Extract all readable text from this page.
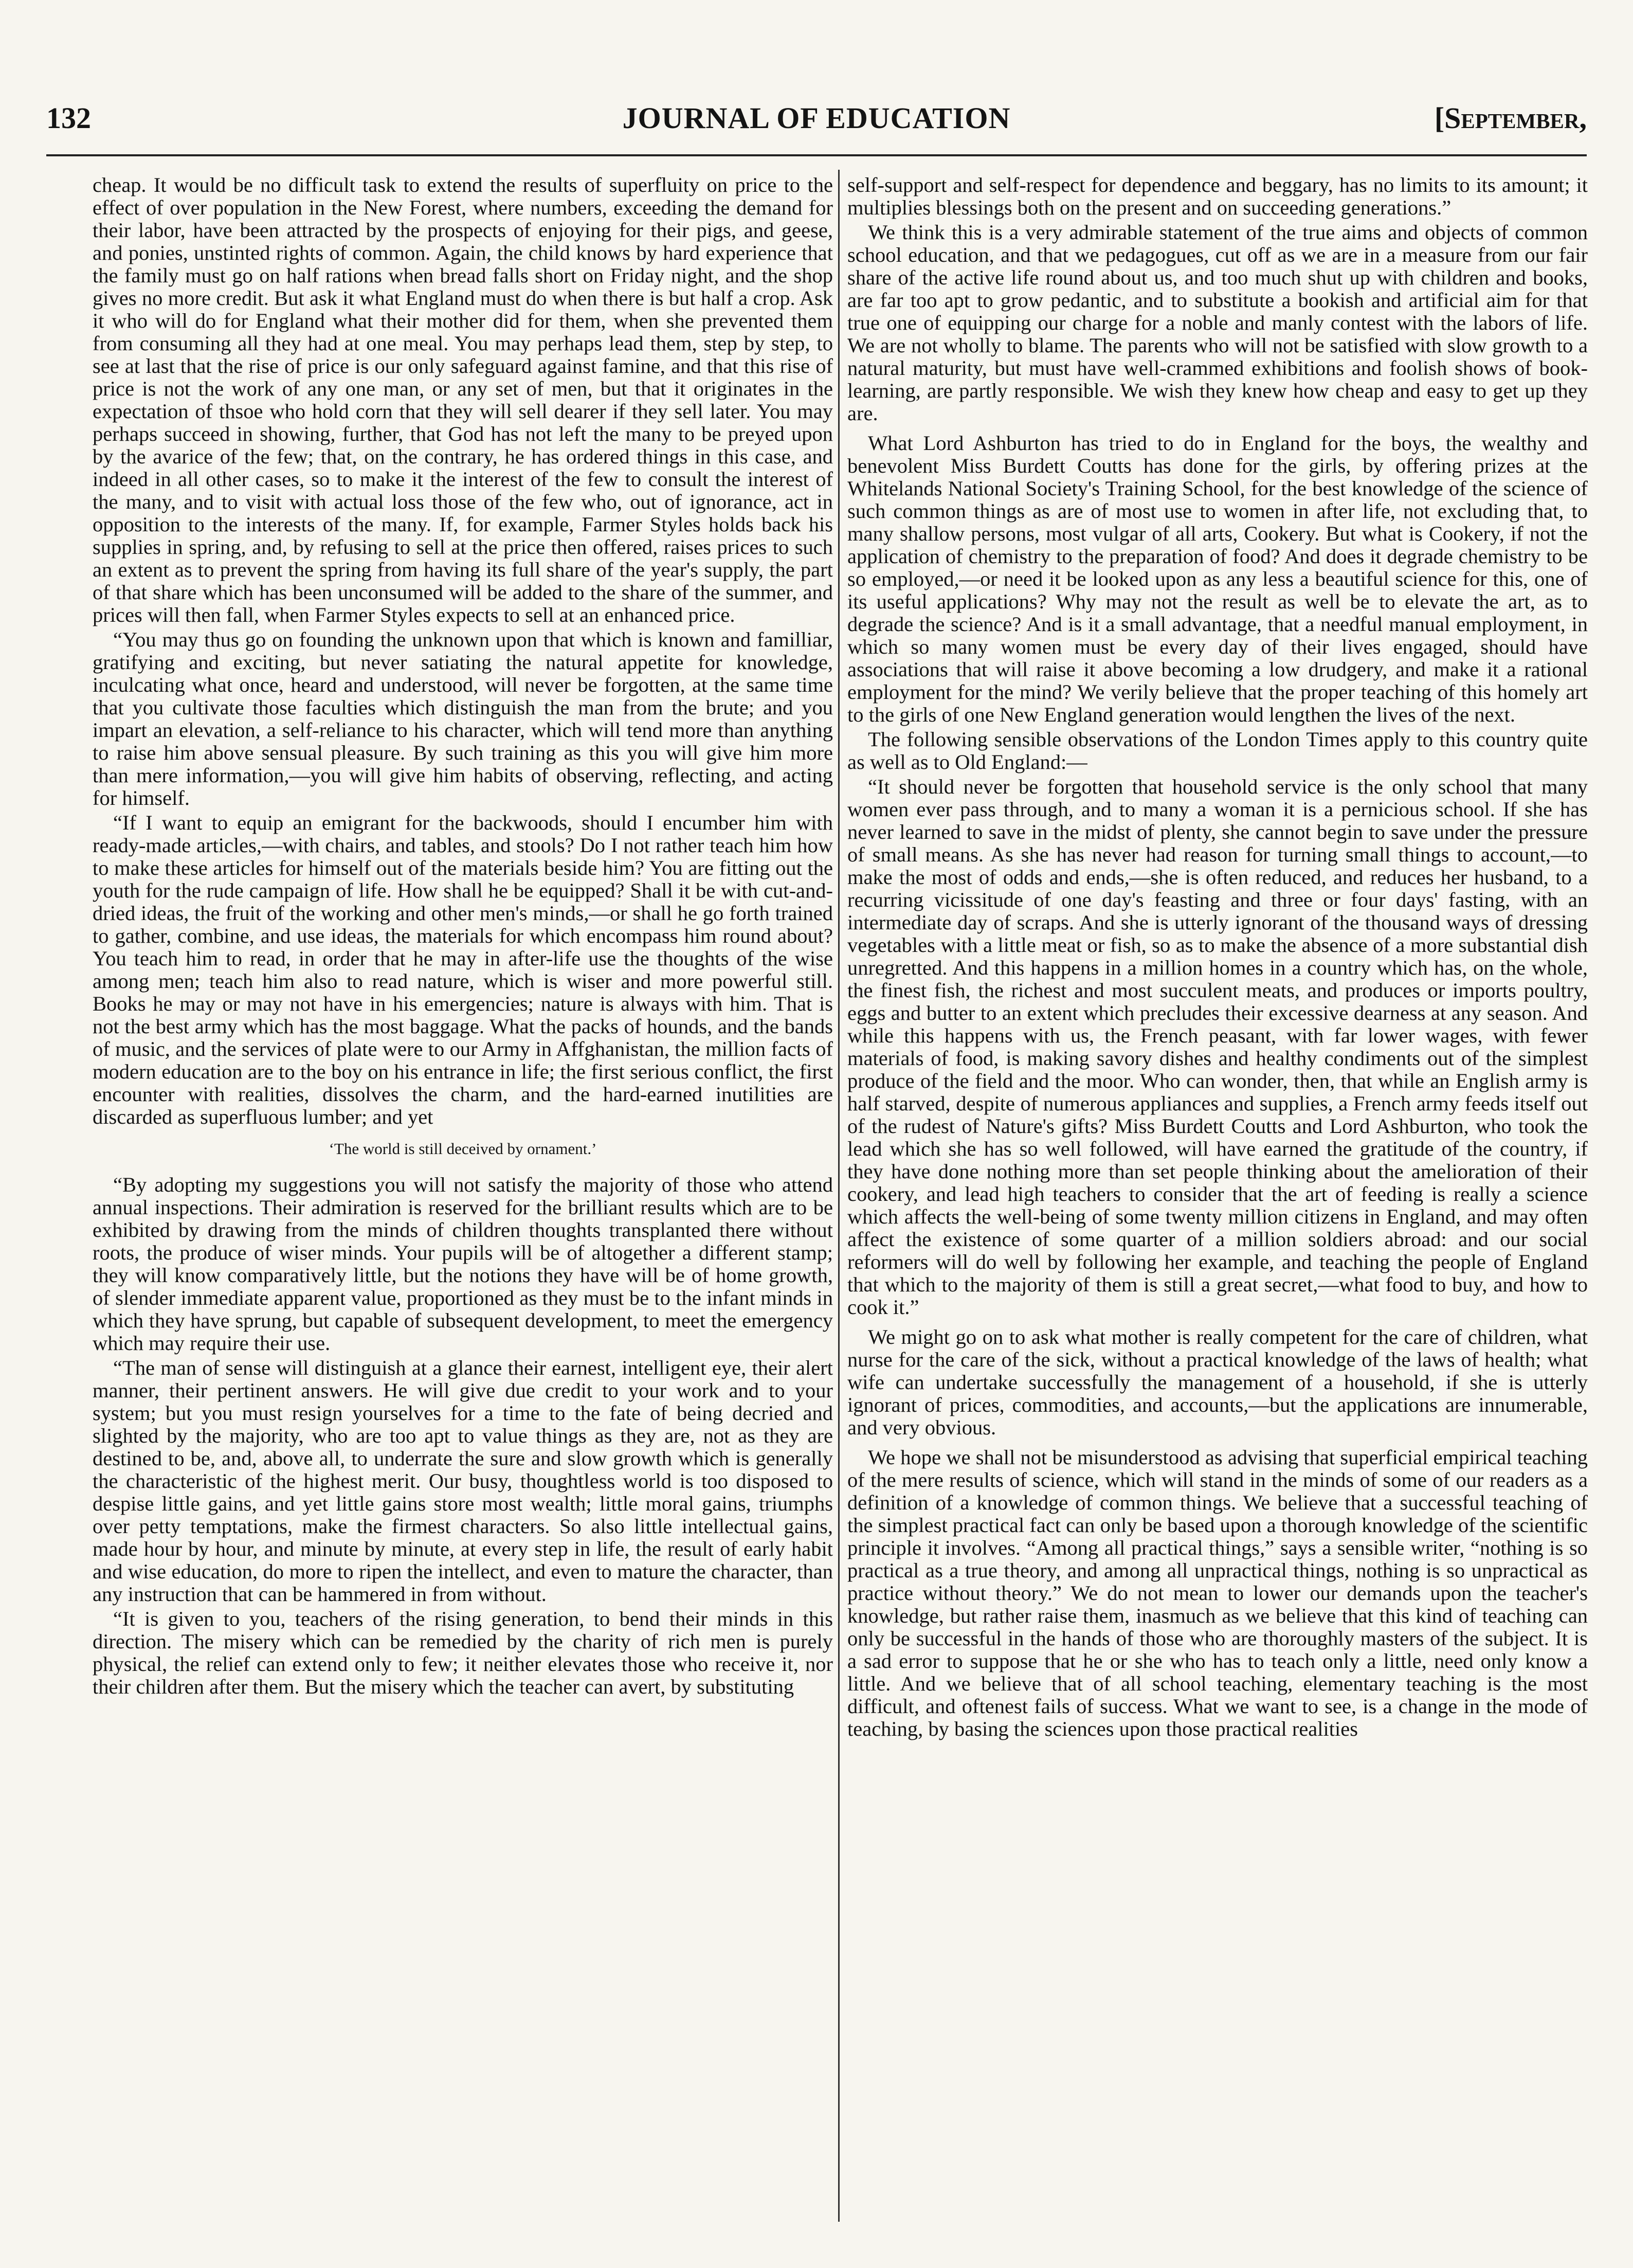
132	JOURNAL OF EDUCATION	[September,

cheap. It would be no difficult task to extend the results of superfluity on price to the effect of over population in the New Forest, where numbers, exceeding the demand for their labor, have been attracted by the prospects of enjoying for their pigs, and geese, and ponies, unstinted rights of common. Again, the child knows by hard experience that the family must go on half rations when bread falls short on Friday night, and the shop gives no more credit. But ask it what England must do when there is but half a crop. Ask it who will do for England what their mother did for them, when she prevented them from consuming all they had at one meal. You may perhaps lead them, step by step, to see at last that the rise of price is our only safeguard against famine, and that this rise of price is not the work of any one man, or any set of men, but that it originates in the expectation of thsoe who hold corn that they will sell dearer if they sell later. You may perhaps succeed in showing, further, that God has not left the many to be preyed upon by the avarice of the few; that, on the contrary, he has ordered things in this case, and indeed in all other cases, so to make it the interest of the few to consult the interest of the many, and to visit with actual loss those of the few who, out of ignorance, act in opposition to the interests of the many. If, for example, Farmer Styles holds back his supplies in spring, and, by refusing to sell at the price then offered, raises prices to such an extent as to prevent the spring from having its full share of the year's supply, the part of that share which has been unconsumed will be added to the share of the summer, and prices will then fall, when Farmer Styles expects to sell at an enhanced price.

“You may thus go on founding the unknown upon that which is known and familliar, gratifying and exciting, but never satiating the natural appetite for knowledge, inculcating what once, heard and understood, will never be forgotten, at the same time that you cultivate those faculties which distinguish the man from the brute; and you impart an elevation, a self-reliance to his character, which will tend more than anything to raise him above sensual pleasure. By such training as this you will give him more than mere information,—you will give him habits of observing, reflecting, and acting for himself.

“If I want to equip an emigrant for the backwoods, should I encumber him with ready-made articles,—with chairs, and tables, and stools? Do I not rather teach him how to make these articles for himself out of the materials beside him? You are fitting out the youth for the rude campaign of life. How shall he be equipped? Shall it be with cut-and-dried ideas, the fruit of the working and other men's minds,—or shall he go forth trained to gather, combine, and use ideas, the materials for which encompass him round about? You teach him to read, in order that he may in after-life use the thoughts of the wise among men; teach him also to read nature, which is wiser and more powerful still. Books he may or may not have in his emergencies; nature is always with him. That is not the best army which has the most baggage. What the packs of hounds, and the bands of music, and the services of plate were to our Army in Affghanistan, the million facts of modern education are to the boy on his entrance in life; the first serious conflict, the first encounter with realities, dissolves the charm, and the hard-earned inutilities are discarded as superfluous lumber; and yet

‘The world is still deceived by ornament.’

“By adopting my suggestions you will not satisfy the majority of those who attend annual inspections. Their admiration is reserved for the brilliant results which are to be exhibited by drawing from the minds of children thoughts transplanted there without roots, the produce of wiser minds. Your pupils will be of altogether a different stamp; they will know comparatively little, but the notions they have will be of home growth, of slender immediate apparent value, proportioned as they must be to the infant minds in which they have sprung, but capable of subsequent development, to meet the emergency which may require their use.

“The man of sense will distinguish at a glance their earnest, intelligent eye, their alert manner, their pertinent answers. He will give due credit to your work and to your system; but you must resign yourselves for a time to the fate of being decried and slighted by the majority, who are too apt to value things as they are, not as they are destined to be, and, above all, to underrate the sure and slow growth which is generally the characteristic of the highest merit. Our busy, thoughtless world is too disposed to despise little gains, and yet little gains store most wealth; little moral gains, triumphs over petty temptations, make the firmest characters. So also little intellectual gains, made hour by hour, and minute by minute, at every step in life, the result of early habit and wise education, do more to ripen the intellect, and even to mature the character, than any instruction that can be hammered in from without.

“It is given to you, teachers of the rising generation, to bend their minds in this direction. The misery which can be remedied by the charity of rich men is purely physical, the relief can extend only to few; it neither elevates those who receive it, nor their children after them. But the misery which the teacher can avert, by substituting

self-support and self-respect for dependence and beggary, has no limits to its amount; it multiplies blessings both on the present and on succeeding generations.”

We think this is a very admirable statement of the true aims and objects of common school education, and that we pedagogues, cut off as we are in a measure from our fair share of the active life round about us, and too much shut up with children and books, are far too apt to grow pedantic, and to substitute a bookish and artificial aim for that true one of equipping our charge for a noble and manly contest with the labors of life. We are not wholly to blame. The parents who will not be satisfied with slow growth to a natural maturity, but must have well-crammed exhibitions and foolish shows of book-learning, are partly responsible. We wish they knew how cheap and easy to get up they are.

What Lord Ashburton has tried to do in England for the boys, the wealthy and benevolent Miss Burdett Coutts has done for the girls, by offering prizes at the Whitelands National Society's Training School, for the best knowledge of the science of such common things as are of most use to women in after life, not excluding that, to many shallow persons, most vulgar of all arts, Cookery. But what is Cookery, if not the application of chemistry to the preparation of food? And does it degrade chemistry to be so employed,—or need it be looked upon as any less a beautiful science for this, one of its useful applications? Why may not the result as well be to elevate the art, as to degrade the science? And is it a small advantage, that a needful manual employment, in which so many women must be every day of their lives engaged, should have associations that will raise it above becoming a low drudgery, and make it a rational employment for the mind? We verily believe that the proper teaching of this homely art to the girls of one New England generation would lengthen the lives of the next.

The following sensible observations of the London Times apply to this country quite as well as to Old England:—

“It should never be forgotten that household service is the only school that many women ever pass through, and to many a woman it is a pernicious school. If she has never learned to save in the midst of plenty, she cannot begin to save under the pressure of small means. As she has never had reason for turning small things to account,—to make the most of odds and ends,—she is often reduced, and reduces her husband, to a recurring vicissitude of one day's feasting and three or four days' fasting, with an intermediate day of scraps. And she is utterly ignorant of the thousand ways of dressing vegetables with a little meat or fish, so as to make the absence of a more substantial dish unregretted. And this happens in a million homes in a country which has, on the whole, the finest fish, the richest and most succulent meats, and produces or imports poultry, eggs and butter to an extent which precludes their excessive dearness at any season. And while this happens with us, the French peasant, with far lower wages, with fewer materials of food, is making savory dishes and healthy condiments out of the simplest produce of the field and the moor. Who can wonder, then, that while an English army is half starved, despite of numerous appliances and supplies, a French army feeds itself out of the rudest of Nature's gifts? Miss Burdett Coutts and Lord Ashburton, who took the lead which she has so well followed, will have earned the gratitude of the country, if they have done nothing more than set people thinking about the amelioration of their cookery, and lead high teachers to consider that the art of feeding is really a science which affects the well-being of some twenty million citizens in England, and may often affect the existence of some quarter of a million soldiers abroad: and our social reformers will do well by following her example, and teaching the people of England that which to the majority of them is still a great secret,—what food to buy, and how to cook it.”

We might go on to ask what mother is really competent for the care of children, what nurse for the care of the sick, without a practical knowledge of the laws of health; what wife can undertake successfully the management of a household, if she is utterly ignorant of prices, commodities, and accounts,—but the applications are innumerable, and very obvious.

We hope we shall not be misunderstood as advising that superficial empirical teaching of the mere results of science, which will stand in the minds of some of our readers as a definition of a knowledge of common things. We believe that a successful teaching of the simplest practical fact can only be based upon a thorough knowledge of the scientific principle it involves. “Among all practical things,” says a sensible writer, “nothing is so practical as a true theory, and among all unpractical things, nothing is so unpractical as practice without theory.” We do not mean to lower our demands upon the teacher's knowledge, but rather raise them, inasmuch as we believe that this kind of teaching can only be successful in the hands of those who are thoroughly masters of the subject. It is a sad error to suppose that he or she who has to teach only a little, need only know a little. And we believe that of all school teaching, elementary teaching is the most difficult, and oftenest fails of success. What we want to see, is a change in the mode of teaching, by basing the sciences upon those practical realities
